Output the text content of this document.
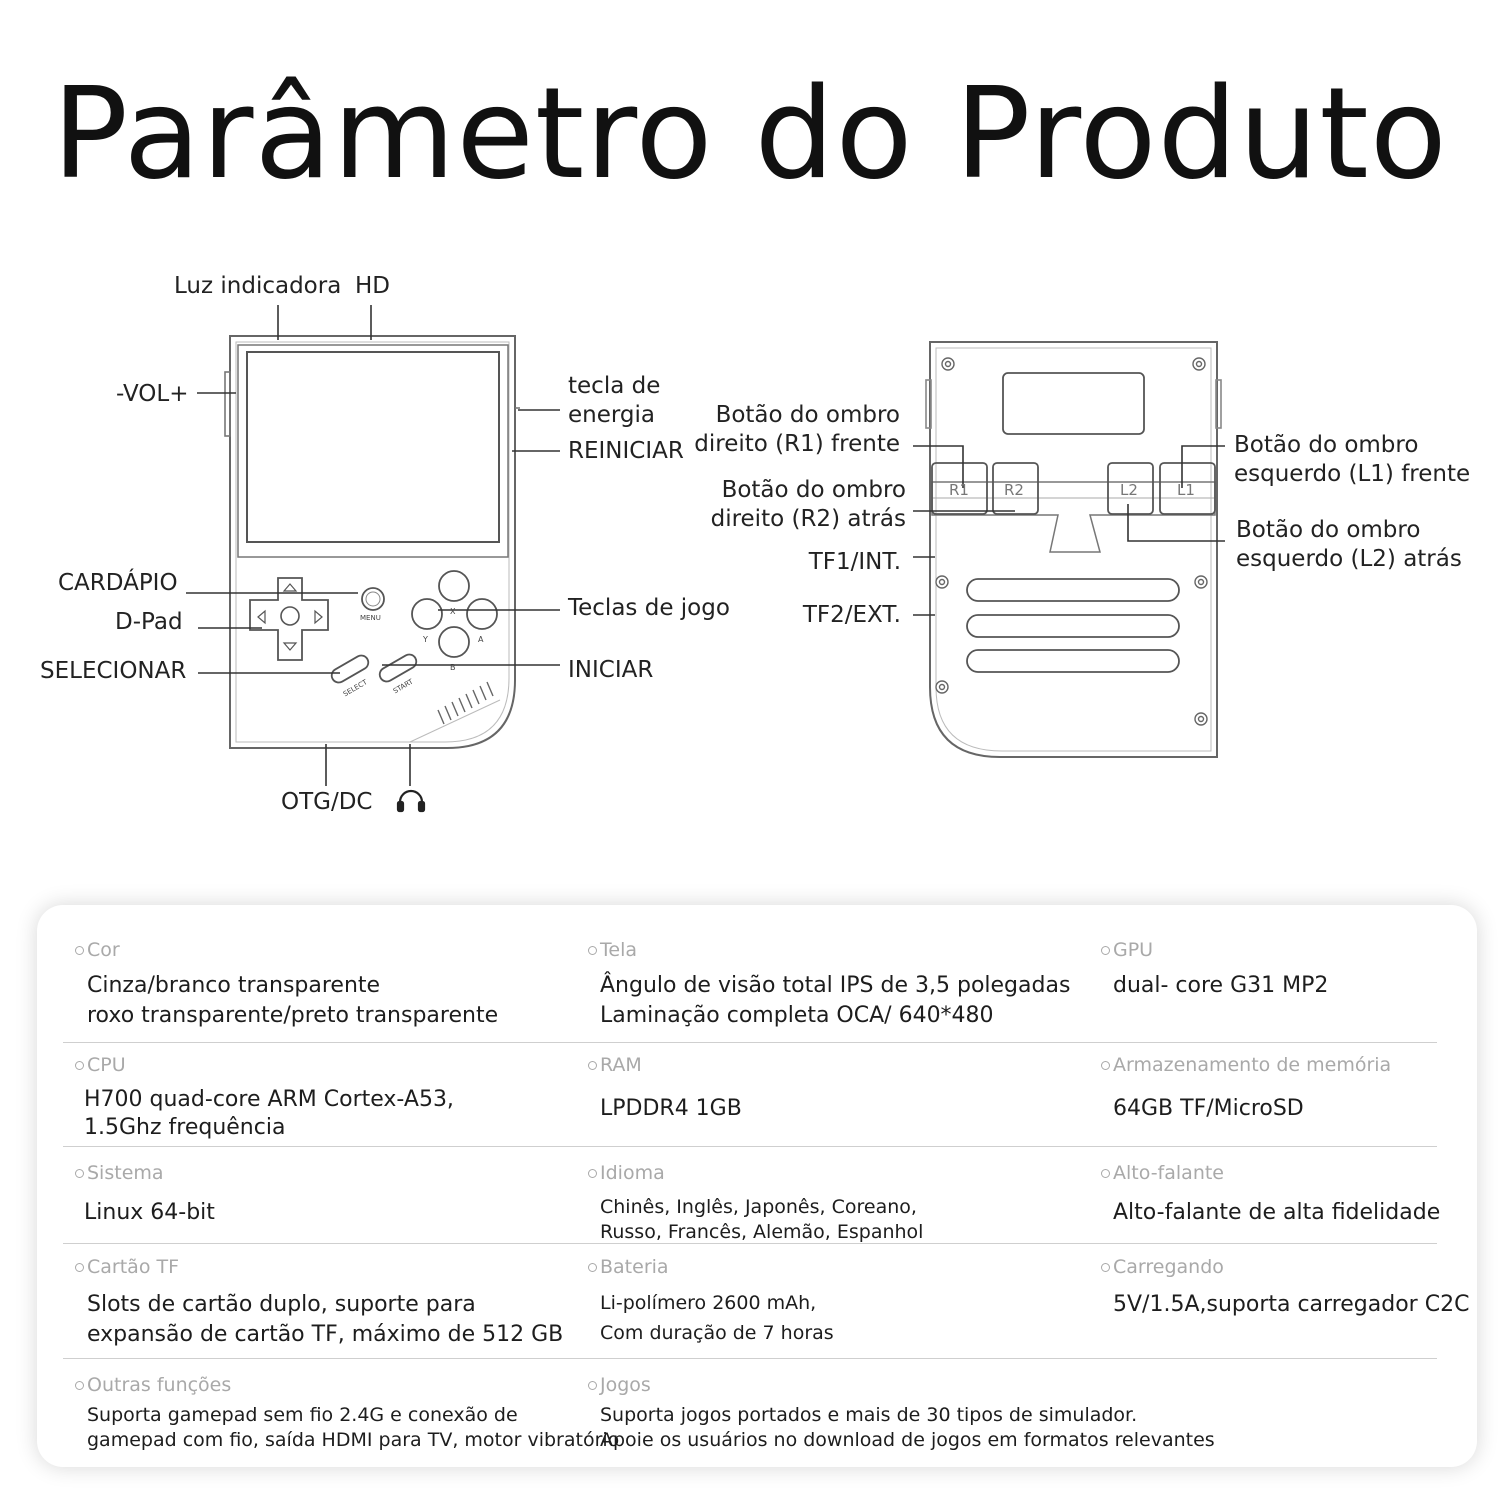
Parâmetro do Produto
MENU
SELECT	START
X
Y	A
B
R1 R2	L2	L1
Luz indicadora HD
-VOL+	tecla de
energia
REINICIAR
CARDÁPIO
D-Pad
SELECIONAR
Teclas de jogo
INICIAR
OTG/DC
Botão do ombro
direito (R1) frente
Botão do ombro
direito (R2) atrás
TF1/INT.
TF2/EXT.
Botão do ombro
esquerdo (L1) frente
Botão do ombro
esquerdo (L2) atrás
Cor
Cinza/branco transparente
roxo transparente/preto transparente
Tela
Ângulo de visão total IPS de 3,5 polegadas
Laminação completa OCA/ 640*480
GPU
dual- core G31 MP2
CPU
H700 quad-core ARM Cortex-A53,
1.5Ghz frequência
RAM
LPDDR4 1GB
Armazenamento de memória
64GB TF/MicroSD
Sistema
Linux 64-bit
Idioma
Chinês, Inglês, Japonês, Coreano,
Russo, Francês, Alemão, Espanhol
Alto-falante
Alto-falante de alta fidelidade
Cartão TF
Slots de cartão duplo, suporte para
expansão de cartão TF, máximo de 512 GB
Bateria
Li-polímero 2600 mAh,
Com duração de 7 horas
Carregando
5V/1.5A,suporta carregador C2C
Outras funções
Suporta gamepad sem fio 2.4G e conexão de
gamepad com fio, saída HDMI para TV, motor vibratório
Jogos
Suporta jogos portados e mais de 30 tipos de simulador.
Apoie os usuários no download de jogos em formatos relevantes
